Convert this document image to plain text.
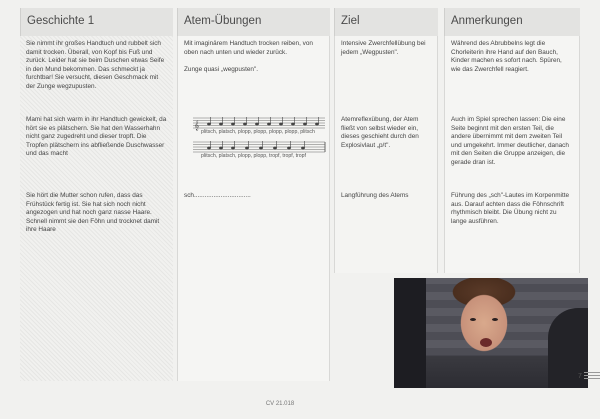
Geschichte 1
Sie nimmt ihr großes Handtuch und rubbelt sich damit trocken. Überall, von Kopf bis Fuß und zurück. Leider hat sie beim Duschen etwas Seife in den Mund bekommen. Das schmeckt ja furchtbar! Sie versucht, diesen Geschmack mit der Zunge wegzupusten.
Mami hat sich warm in ihr Handtuch gewickelt, da hört sie es plätschern. Sie hat den Wasserhahn nicht ganz zugedreht und dieser tropft. Die Tropfen plätschern ins abfließende Duschwasser und das macht
Sie hört die Mutter schon rufen, dass das Frühstück fertig ist. Sie hat sich noch nicht angezogen und hat noch ganz nasse Haare. Schnell nimmt sie den Föhn und trocknet damit ihre Haare
Atem-Übungen
Mit imaginärem Handtuch trocken reiben, von oben nach unten und wieder zurück.
Zunge quasi „wegpusten".
sch................................
𝄞
plitsch, platsch, plopp, plopp, plopp, plopp, plitsch
plitsch, platsch, plopp, plopp, tropf, tropf, tropf
Ziel
Intensive Zwerchfellübung bei jedem „Wegpusten".
Atemreflexübung, der Atem fließt von selbst wieder ein, dieses geschieht durch den Explosivlaut „p/t".
Langführung des Atems
Anmerkungen
Während des Abrubbelns legt die Chorleiterin ihre Hand auf den Bauch, Kinder machen es sofort nach. Spüren, wie das Zwerchfell reagiert.
Auch im Spiel sprechen lassen: Die eine Seite beginnt mit den ersten Teil, die andere übernimmt mit dem zweiten Teil und umgekehrt. Immer deutlicher, danach mit den Seiten die Gruppe anzeigen, die gerade dran ist.
Führung des „sch"-Lautes im Korpenmitte aus. Darauf achten dass die Föhnschrift rhythmisch bleibt. Die Übung nicht zu lange ausführen.
CV 21.018
7
